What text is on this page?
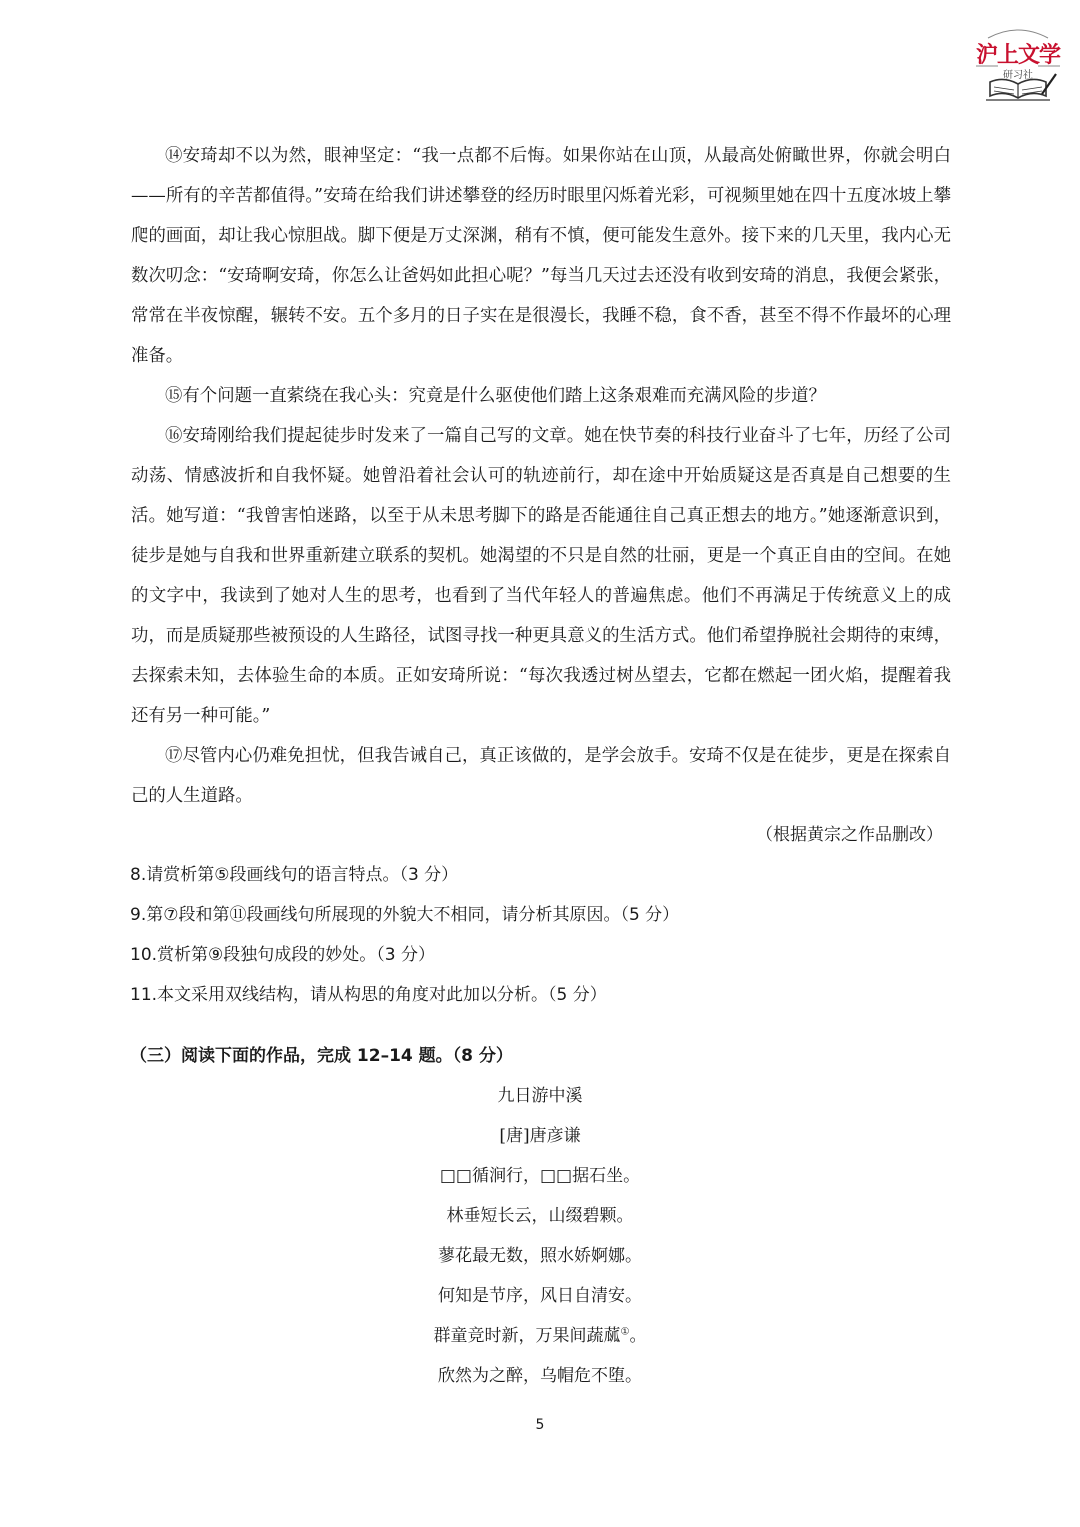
沪上文学
研习社

⑭安琦却不以为然，眼神坚定：“我一点都不后悔。如果你站在山顶，从最高处俯瞰世界，你就会明白——所有的辛苦都值得。”安琦在给我们讲述攀登的经历时眼里闪烁着光彩，可视频里她在四十五度冰坡上攀爬的画面，却让我心惊胆战。脚下便是万丈深渊，稍有不慎，便可能发生意外。接下来的几天里，我内心无数次叨念：“安琦啊安琦，你怎么让爸妈如此担心呢？”每当几天过去还没有收到安琦的消息，我便会紧张，常常在半夜惊醒，辗转不安。五个多月的日子实在是很漫长，我睡不稳，食不香，甚至不得不作最坏的心理准备。

⑮有个问题一直萦绕在我心头：究竟是什么驱使他们踏上这条艰难而充满风险的步道？

⑯安琦刚给我们提起徒步时发来了一篇自己写的文章。她在快节奏的科技行业奋斗了七年，历经了公司动荡、情感波折和自我怀疑。她曾沿着社会认可的轨迹前行，却在途中开始质疑这是否真是自己想要的生活。她写道：“我曾害怕迷路，以至于从未思考脚下的路是否能通往自己真正想去的地方。”她逐渐意识到，徒步是她与自我和世界重新建立联系的契机。她渴望的不只是自然的壮丽，更是一个真正自由的空间。在她的文字中，我读到了她对人生的思考，也看到了当代年轻人的普遍焦虑。他们不再满足于传统意义上的成功，而是质疑那些被预设的人生路径，试图寻找一种更具意义的生活方式。他们希望挣脱社会期待的束缚，去探索未知，去体验生命的本质。正如安琦所说：“每次我透过树丛望去，它都在燃起一团火焰，提醒着我还有另一种可能。”

⑰尽管内心仍难免担忧，但我告诫自己，真正该做的，是学会放手。安琦不仅是在徒步，更是在探索自己的人生道路。

（根据黄宗之作品删改）

8.请赏析第⑤段画线句的语言特点。（3 分）

9.第⑦段和第⑪段画线句所展现的外貌大不相同，请分析其原因。（5 分）

10.赏析第⑨段独句成段的妙处。（3 分）

11.本文采用双线结构，请从构思的角度对此加以分析。（5 分）

（三）阅读下面的作品，完成 12–14 题。（8 分）

九日游中溪

[唐]唐彦谦

□□循涧行，□□据石坐。

林垂短长云，山缀碧颗。

蓼花最无数，照水娇婀娜。

何知是节序，风日自清安。

群童竞时新，万果间蔬蓏①。

欣然为之醉，乌帽危不堕。

5
